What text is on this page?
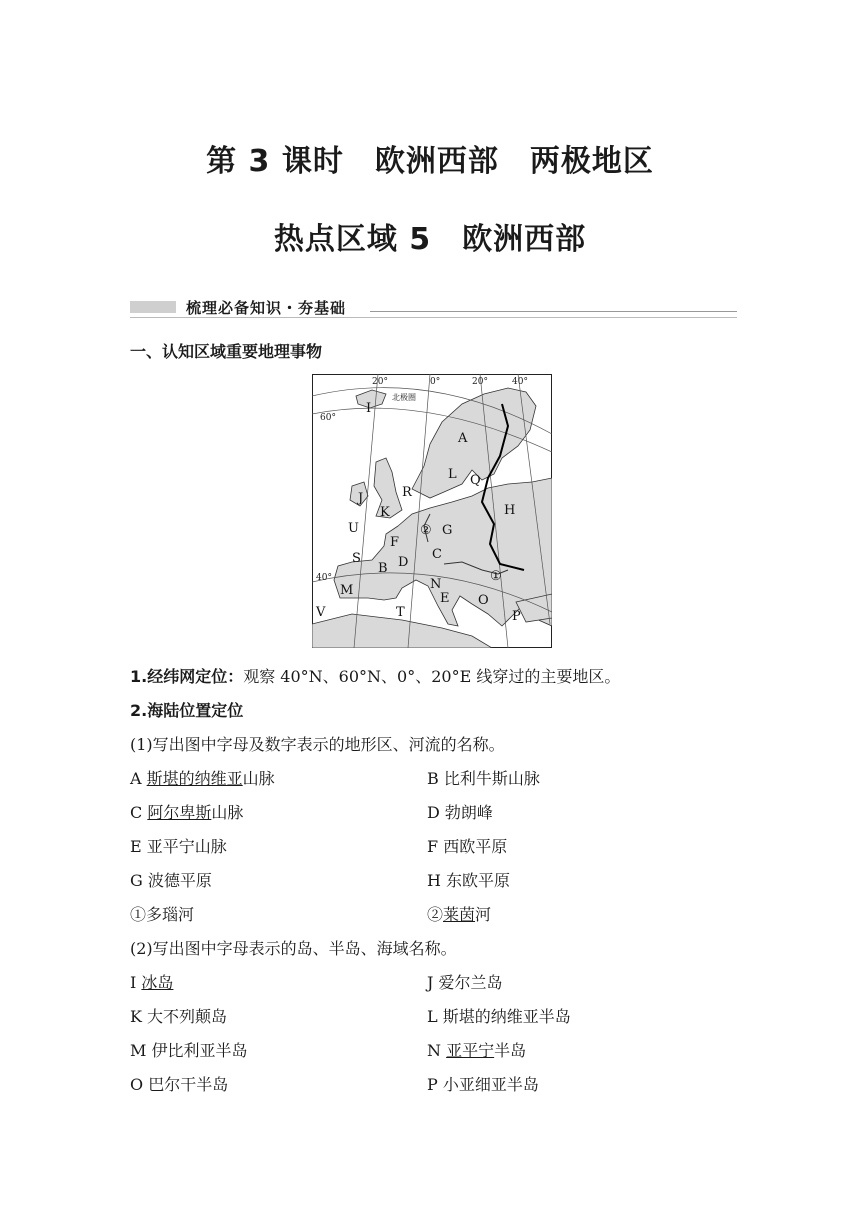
第 3 课时　欧洲西部　两极地区
热点区域 5　欧洲西部
梳理必备知识・夯基础
一、认知区域重要地理事物
20°	0°	20°	40°
60°
40°
北极圈
A
B
C
D
E
F
G
H
I
J
K
L
M	N
O
P
Q
R
S
T
U
V
①
②
1.经纬网定位：观察 40°N、60°N、0°、20°E 线穿过的主要地区。
2.海陆位置定位
(1)写出图中字母及数字表示的地形区、河流的名称。
A 斯堪的纳维亚山脉	B 比利牛斯山脉
C 阿尔卑斯山脉	D 勃朗峰
E 亚平宁山脉	F 西欧平原
G 波德平原	H 东欧平原
①多瑙河	②莱茵河
(2)写出图中字母表示的岛、半岛、海域名称。
I 冰岛	J 爱尔兰岛
K 大不列颠岛	L 斯堪的纳维亚半岛
M 伊比利亚半岛	N 亚平宁半岛
O 巴尔干半岛	P 小亚细亚半岛
